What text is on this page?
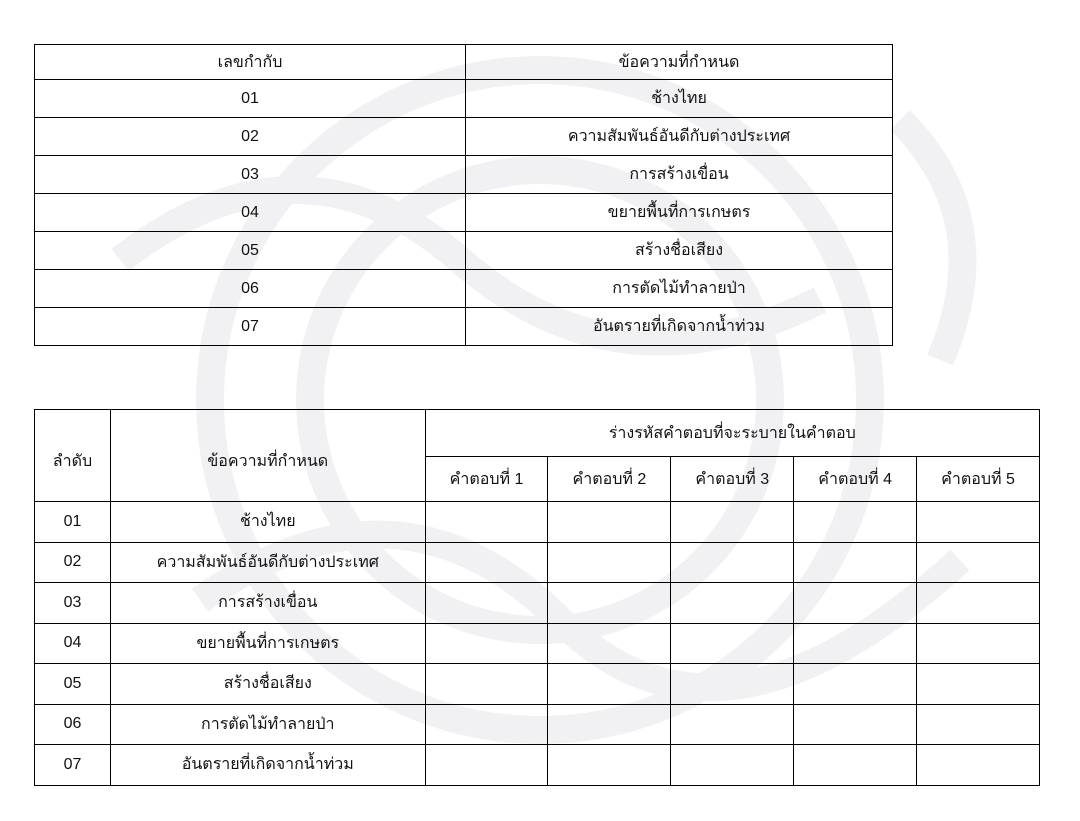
เลขกำกับ	ข้อความที่กำหนด
01	ช้างไทย
02	ความสัมพันธ์อันดีกับต่างประเทศ
03	การสร้างเขื่อน
04	ขยายพื้นที่การเกษตร
05	สร้างชื่อเสียง
06	การตัดไม้ทำลายป่า
07	อันตรายที่เกิดจากน้ำท่วม
ลำดับ	ข้อความที่กำหนด	ร่างรหัสคำตอบที่จะระบายในคำตอบ				
		คำตอบที่ 1	คำตอบที่ 2	คำตอบที่ 3	คำตอบที่ 4	คำตอบที่ 5
01	ช้างไทย					
02	ความสัมพันธ์อันดีกับต่างประเทศ					
03	การสร้างเขื่อน					
04	ขยายพื้นที่การเกษตร					
05	สร้างชื่อเสียง					
06	การตัดไม้ทำลายป่า					
07	อันตรายที่เกิดจากน้ำท่วม					
